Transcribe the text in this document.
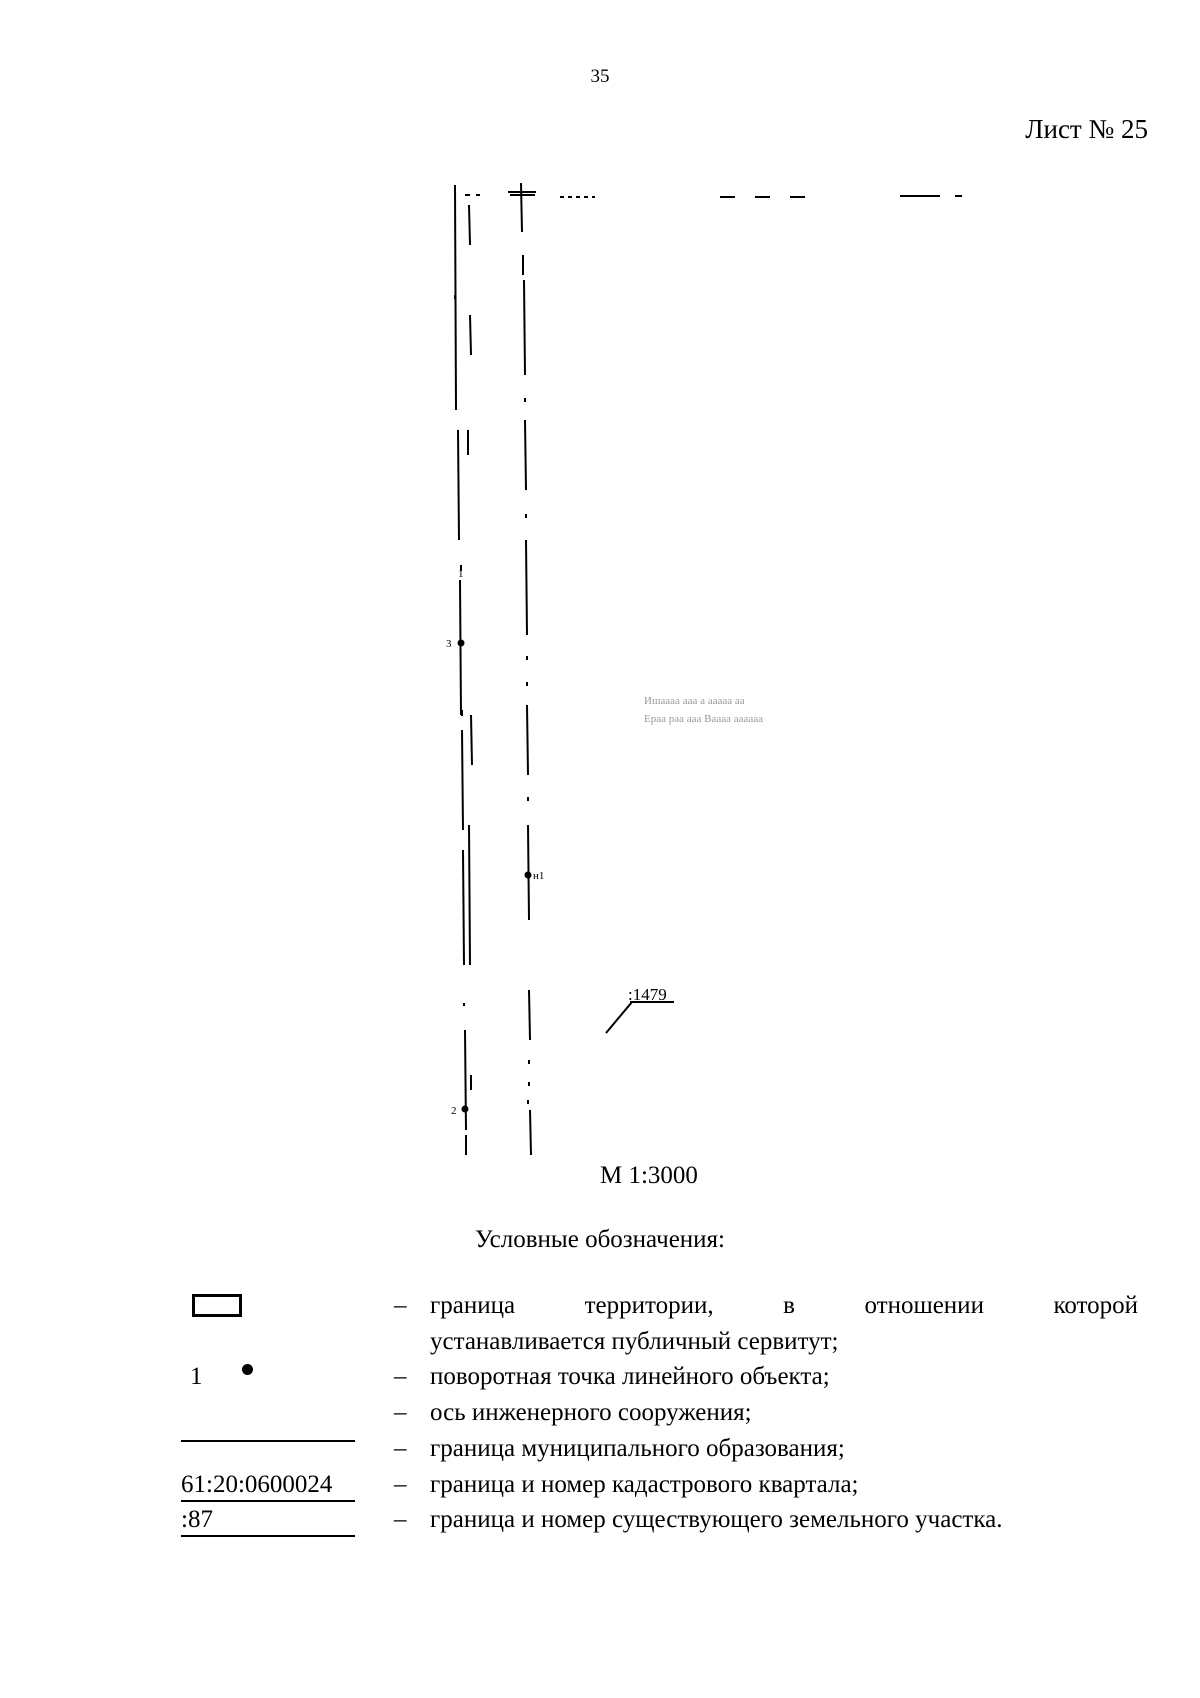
35
Лист № 25
1
3
2
н1
:1479
Ишаааа ааа а ааааа аа
Ераа раа ааа Ваааа аааааа
М 1:3000
Условные обозначения:
– граница территории, в отношении которой
устанавливается публичный сервитут;
1	– поворотная точка линейного объекта;
– ось инженерного сооружения;
– граница муниципального образования;
61:20:0600024 – граница и номер кадастрового квартала;
:87	– граница и номер существующего земельного участка.
